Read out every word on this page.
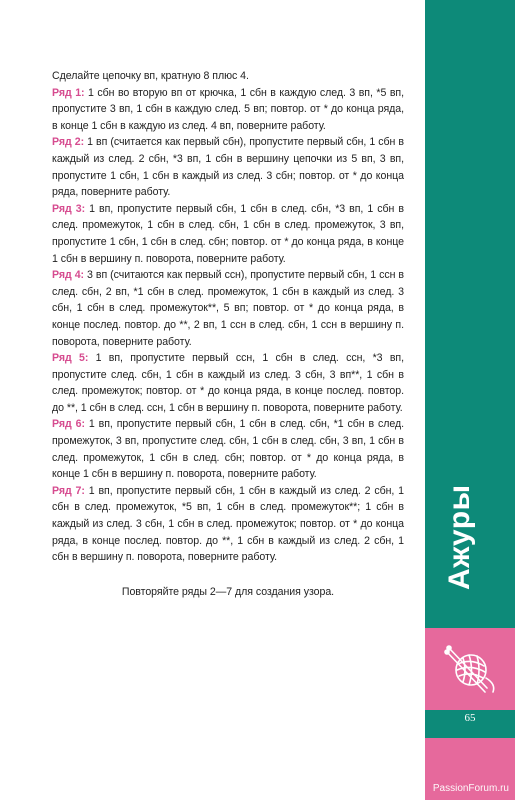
Сделайте цепочку вп, кратную 8 плюс 4.

Ряд 1: 1 сбн во вторую вп от крючка, 1 сбн в каждую след. 3 вп, *5 вп, пропустите 3 вп, 1 сбн в каждую след. 5 вп; повтор. от * до конца ряда, в конце 1 сбн в каждую из след. 4 вп, поверните работу.

Ряд 2: 1 вп (считается как первый сбн), пропустите первый сбн, 1 сбн в каждый из след. 2 сбн, *3 вп, 1 сбн в вершину цепочки из 5 вп, 3 вп, пропустите 1 сбн, 1 сбн в каждый из след. 3 сбн; повтор. от * до конца ряда, поверните работу.

Ряд 3: 1 вп, пропустите первый сбн, 1 сбн в след. сбн, *3 вп, 1 сбн в след. промежуток, 1 сбн в след. сбн, 1 сбн в след. промежуток, 3 вп, пропустите 1 сбн, 1 сбн в след. сбн; повтор. от * до конца ряда, в конце 1 сбн в вершину п. поворота, поверните работу.

Ряд 4: 3 вп (считаются как первый ссн), пропустите первый сбн, 1 ссн в след. сбн, 2 вп, *1 сбн в след. промежуток, 1 сбн в каждый из след. 3 сбн, 1 сбн в след. промежуток**, 5 вп; повтор. от * до конца ряда, в конце послед. повтор. до **, 2 вп, 1 ссн в след. сбн, 1 ссн в вершину п. поворота, поверните работу.

Ряд 5: 1 вп, пропустите первый ссн, 1 сбн в след. ссн, *3 вп, пропустите след. сбн, 1 сбн в каждый из след. 3 сбн, 3 вп**, 1 сбн в след. промежуток; повтор. от * до конца ряда, в конце послед. повтор. до **, 1 сбн в след. ссн, 1 сбн в вершину п. поворота, поверните работу.

Ряд 6: 1 вп, пропустите первый сбн, 1 сбн в след. сбн, *1 сбн в след. промежуток, 3 вп, пропустите след. сбн, 1 сбн в след. сбн, 3 вп, 1 сбн в след. промежуток, 1 сбн в след. сбн; повтор. от * до конца ряда, в конце 1 сбн в вершину п. поворота, поверните работу.

Ряд 7: 1 вп, пропустите первый сбн, 1 сбн в каждый из след. 2 сбн, 1 сбн в след. промежуток, *5 вп, 1 сбн в след. промежуток**; 1 сбн в каждый из след. 3 сбн, 1 сбн в след. промежуток; повтор. от * до конца ряда, в конце послед. повтор. до **, 1 сбн в каждый из след. 2 сбн, 1 сбн в вершину п. поворота, поверните работу.

Повторяйте ряды 2—7 для создания узора.

Ажуры
65
PassionForum.ru
